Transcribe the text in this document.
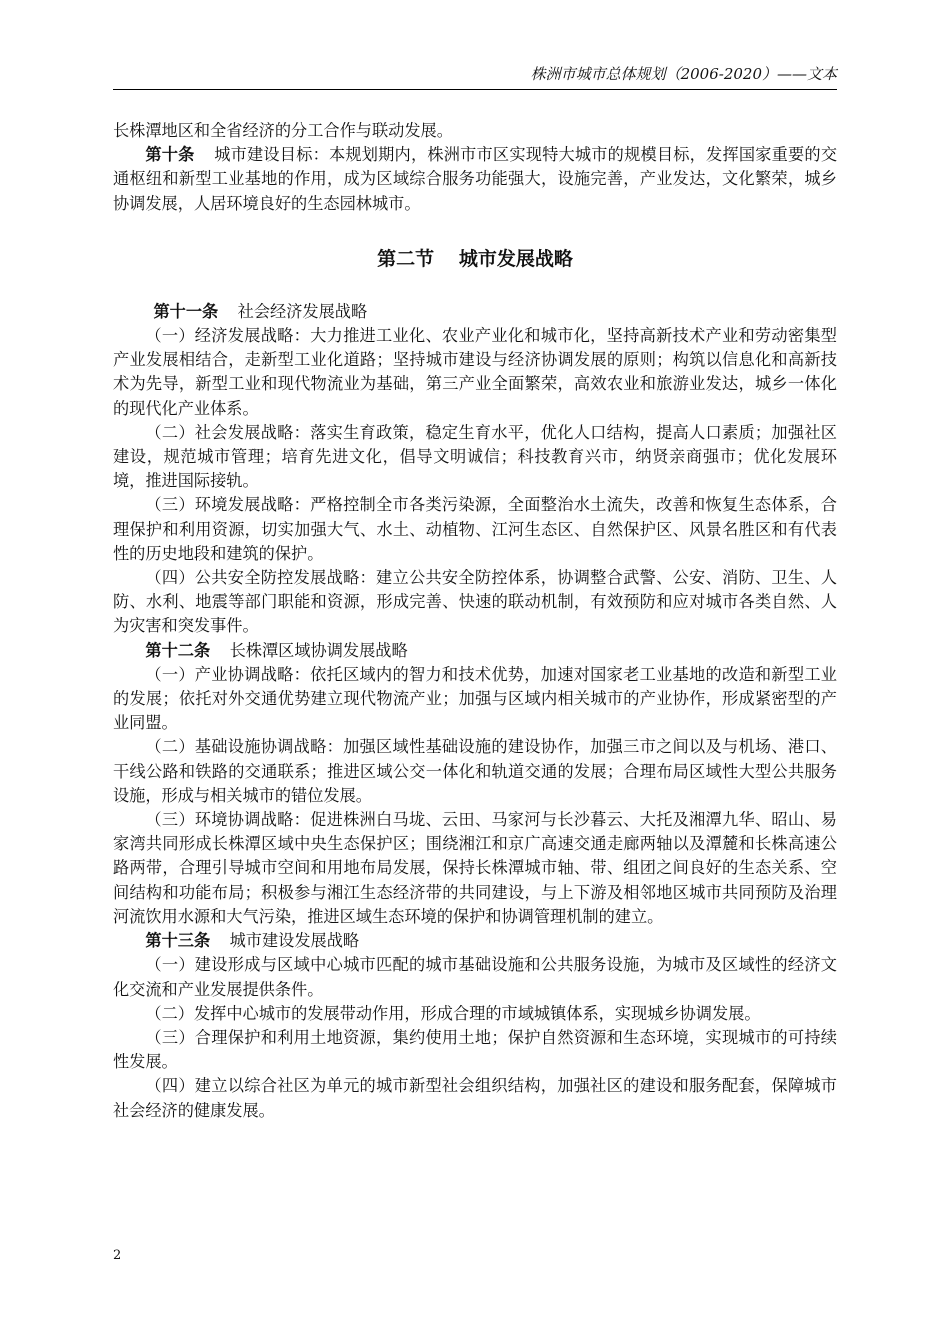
株洲市城市总体规划（2006-2020）——文本

长株潭地区和全省经济的分工合作与联动发展。

第十条 城市建设目标：本规划期内，株洲市市区实现特大城市的规模目标，发挥国家重要的交通枢纽和新型工业基地的作用，成为区域综合服务功能强大，设施完善，产业发达，文化繁荣，城乡协调发展，人居环境良好的生态园林城市。

第二节 城市发展战略

第十一条 社会经济发展战略

（一）经济发展战略：大力推进工业化、农业产业化和城市化，坚持高新技术产业和劳动密集型产业发展相结合，走新型工业化道路；坚持城市建设与经济协调发展的原则；构筑以信息化和高新技术为先导，新型工业和现代物流业为基础，第三产业全面繁荣，高效农业和旅游业发达，城乡一体化的现代化产业体系。

（二）社会发展战略：落实生育政策，稳定生育水平，优化人口结构，提高人口素质；加强社区建设，规范城市管理；培育先进文化，倡导文明诚信；科技教育兴市，纳贤亲商强市；优化发展环境，推进国际接轨。

（三）环境发展战略：严格控制全市各类污染源，全面整治水土流失，改善和恢复生态体系，合理保护和利用资源，切实加强大气、水土、动植物、江河生态区、自然保护区、风景名胜区和有代表性的历史地段和建筑的保护。

（四）公共安全防控发展战略：建立公共安全防控体系，协调整合武警、公安、消防、卫生、人防、水利、地震等部门职能和资源，形成完善、快速的联动机制，有效预防和应对城市各类自然、人为灾害和突发事件。

第十二条 长株潭区域协调发展战略

（一）产业协调战略：依托区域内的智力和技术优势，加速对国家老工业基地的改造和新型工业的发展；依托对外交通优势建立现代物流产业；加强与区域内相关城市的产业协作，形成紧密型的产业同盟。

（二）基础设施协调战略：加强区域性基础设施的建设协作，加强三市之间以及与机场、港口、干线公路和铁路的交通联系；推进区域公交一体化和轨道交通的发展；合理布局区域性大型公共服务设施，形成与相关城市的错位发展。

（三）环境协调战略：促进株洲白马垅、云田、马家河与长沙暮云、大托及湘潭九华、昭山、易家湾共同形成长株潭区域中央生态保护区；围绕湘江和京广高速交通走廊两轴以及潭麓和长株高速公路两带，合理引导城市空间和用地布局发展，保持长株潭城市轴、带、组团之间良好的生态关系、空间结构和功能布局；积极参与湘江生态经济带的共同建设，与上下游及相邻地区城市共同预防及治理河流饮用水源和大气污染，推进区域生态环境的保护和协调管理机制的建立。

第十三条 城市建设发展战略

（一）建设形成与区域中心城市匹配的城市基础设施和公共服务设施，为城市及区域性的经济文化交流和产业发展提供条件。

（二）发挥中心城市的发展带动作用，形成合理的市域城镇体系，实现城乡协调发展。

（三）合理保护和利用土地资源，集约使用土地；保护自然资源和生态环境，实现城市的可持续性发展。

（四）建立以综合社区为单元的城市新型社会组织结构，加强社区的建设和服务配套，保障城市社会经济的健康发展。

2
